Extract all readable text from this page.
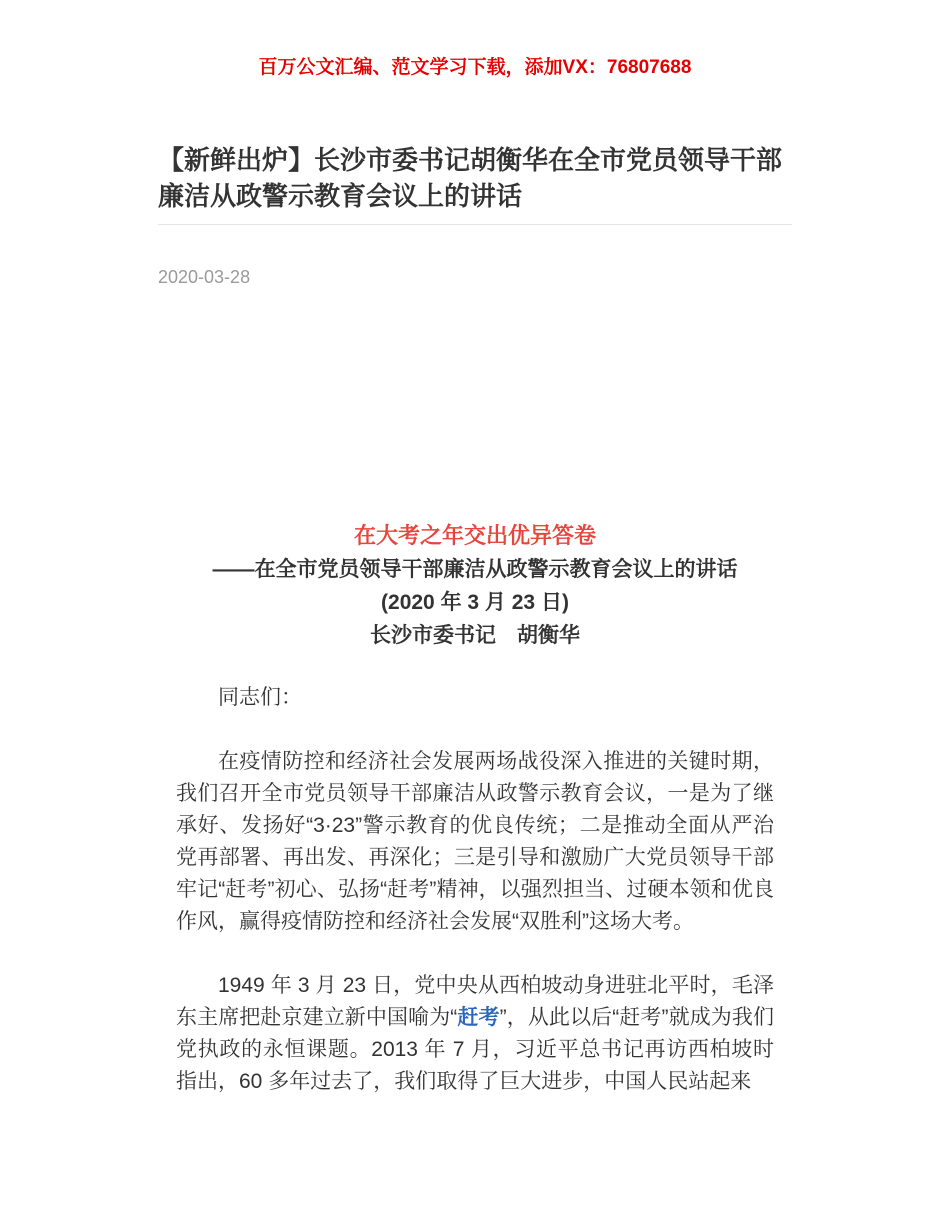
百万公文汇编、范文学习下载，添加VX：76807688
【新鲜出炉】长沙市委书记胡衡华在全市党员领导干部廉洁从政警示教育会议上的讲话
2020-03-28
在大考之年交出优异答卷
——在全市党员领导干部廉洁从政警示教育会议上的讲话
(2020 年 3 月 23 日)
长沙市委书记　胡衡华

同志们：

在疫情防控和经济社会发展两场战役深入推进的关键时期，我们召开全市党员领导干部廉洁从政警示教育会议，一是为了继承好、发扬好“3·23”警示教育的优良传统；二是推动全面从严治党再部署、再出发、再深化；三是引导和激励广大党员领导干部牢记“赶考”初心、弘扬“赶考”精神，以强烈担当、过硬本领和优良作风，赢得疫情防控和经济社会发展“双胜利”这场大考。

1949 年 3 月 23 日，党中央从西柏坡动身进驻北平时，毛泽东主席把赴京建立新中国喻为“赶考”，从此以后“赶考”就成为我们党执政的永恒课题。2013 年 7 月，习近平总书记再访西柏坡时指出，60 多年过去了，我们取得了巨大进步，中国人民站起来
